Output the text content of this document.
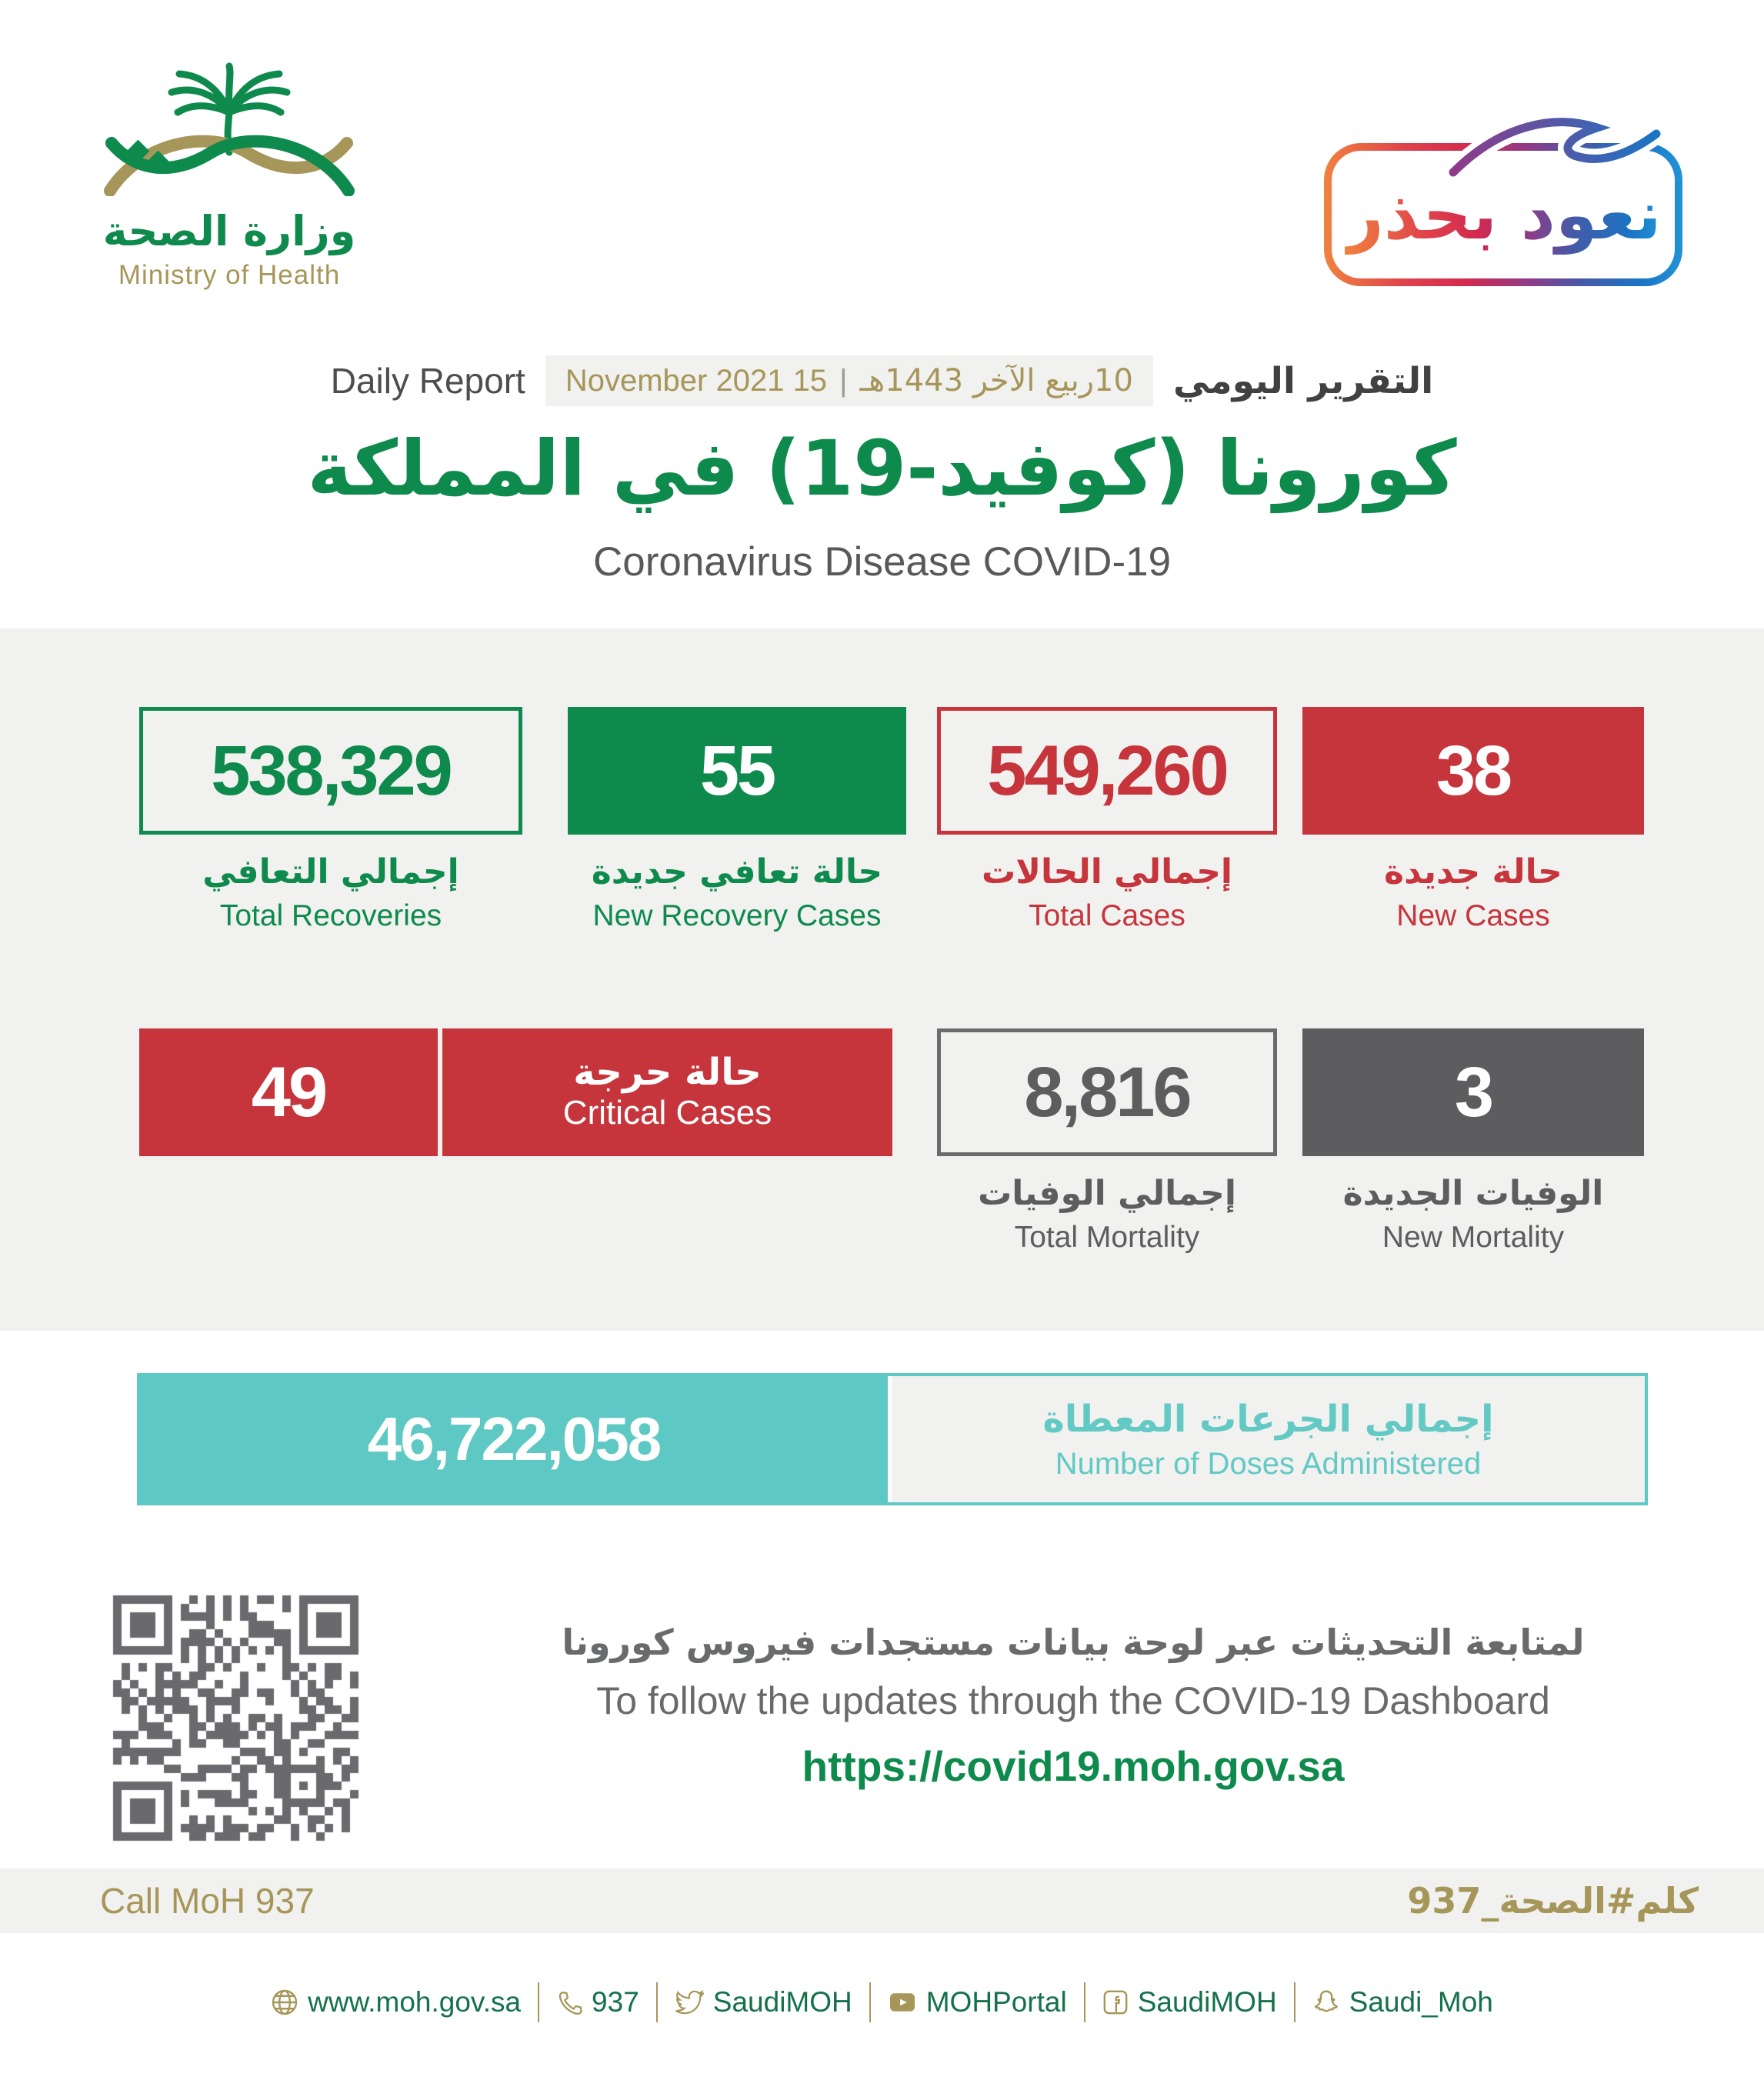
وزارة الصحة
Ministry of Health
نعود بحذر
Daily Report	10ربيع الآخر 1443هـ
|
15 November 2021	التقرير اليومي
كورونا (كوفيد-19) في المملكة
Coronavirus Disease COVID-19
538,329	55	549,260	38
إجمالي التعافي
Total Recoveries
حالة تعافي جديدة
New Recovery Cases
إجمالي الحالات
Total Cases
حالة جديدة
New Cases
49	حالة حرجة
Critical Cases	8,816	3
إجمالي الوفيات
Total Mortality
الوفيات الجديدة
New Mortality
46,722,058	إجمالي الجرعات المعطاة
Number of Doses Administered
لمتابعة التحديثات عبر لوحة بيانات مستجدات فيروس كورونا
To follow the updates through the COVID-19 Dashboard
https://covid19.moh.gov.sa
Call MoH 937	كلم#الصحة_937
www.moh.gov.sa 937	SaudiMOH	MOHPortal SaudiMOH	Saudi_Moh
